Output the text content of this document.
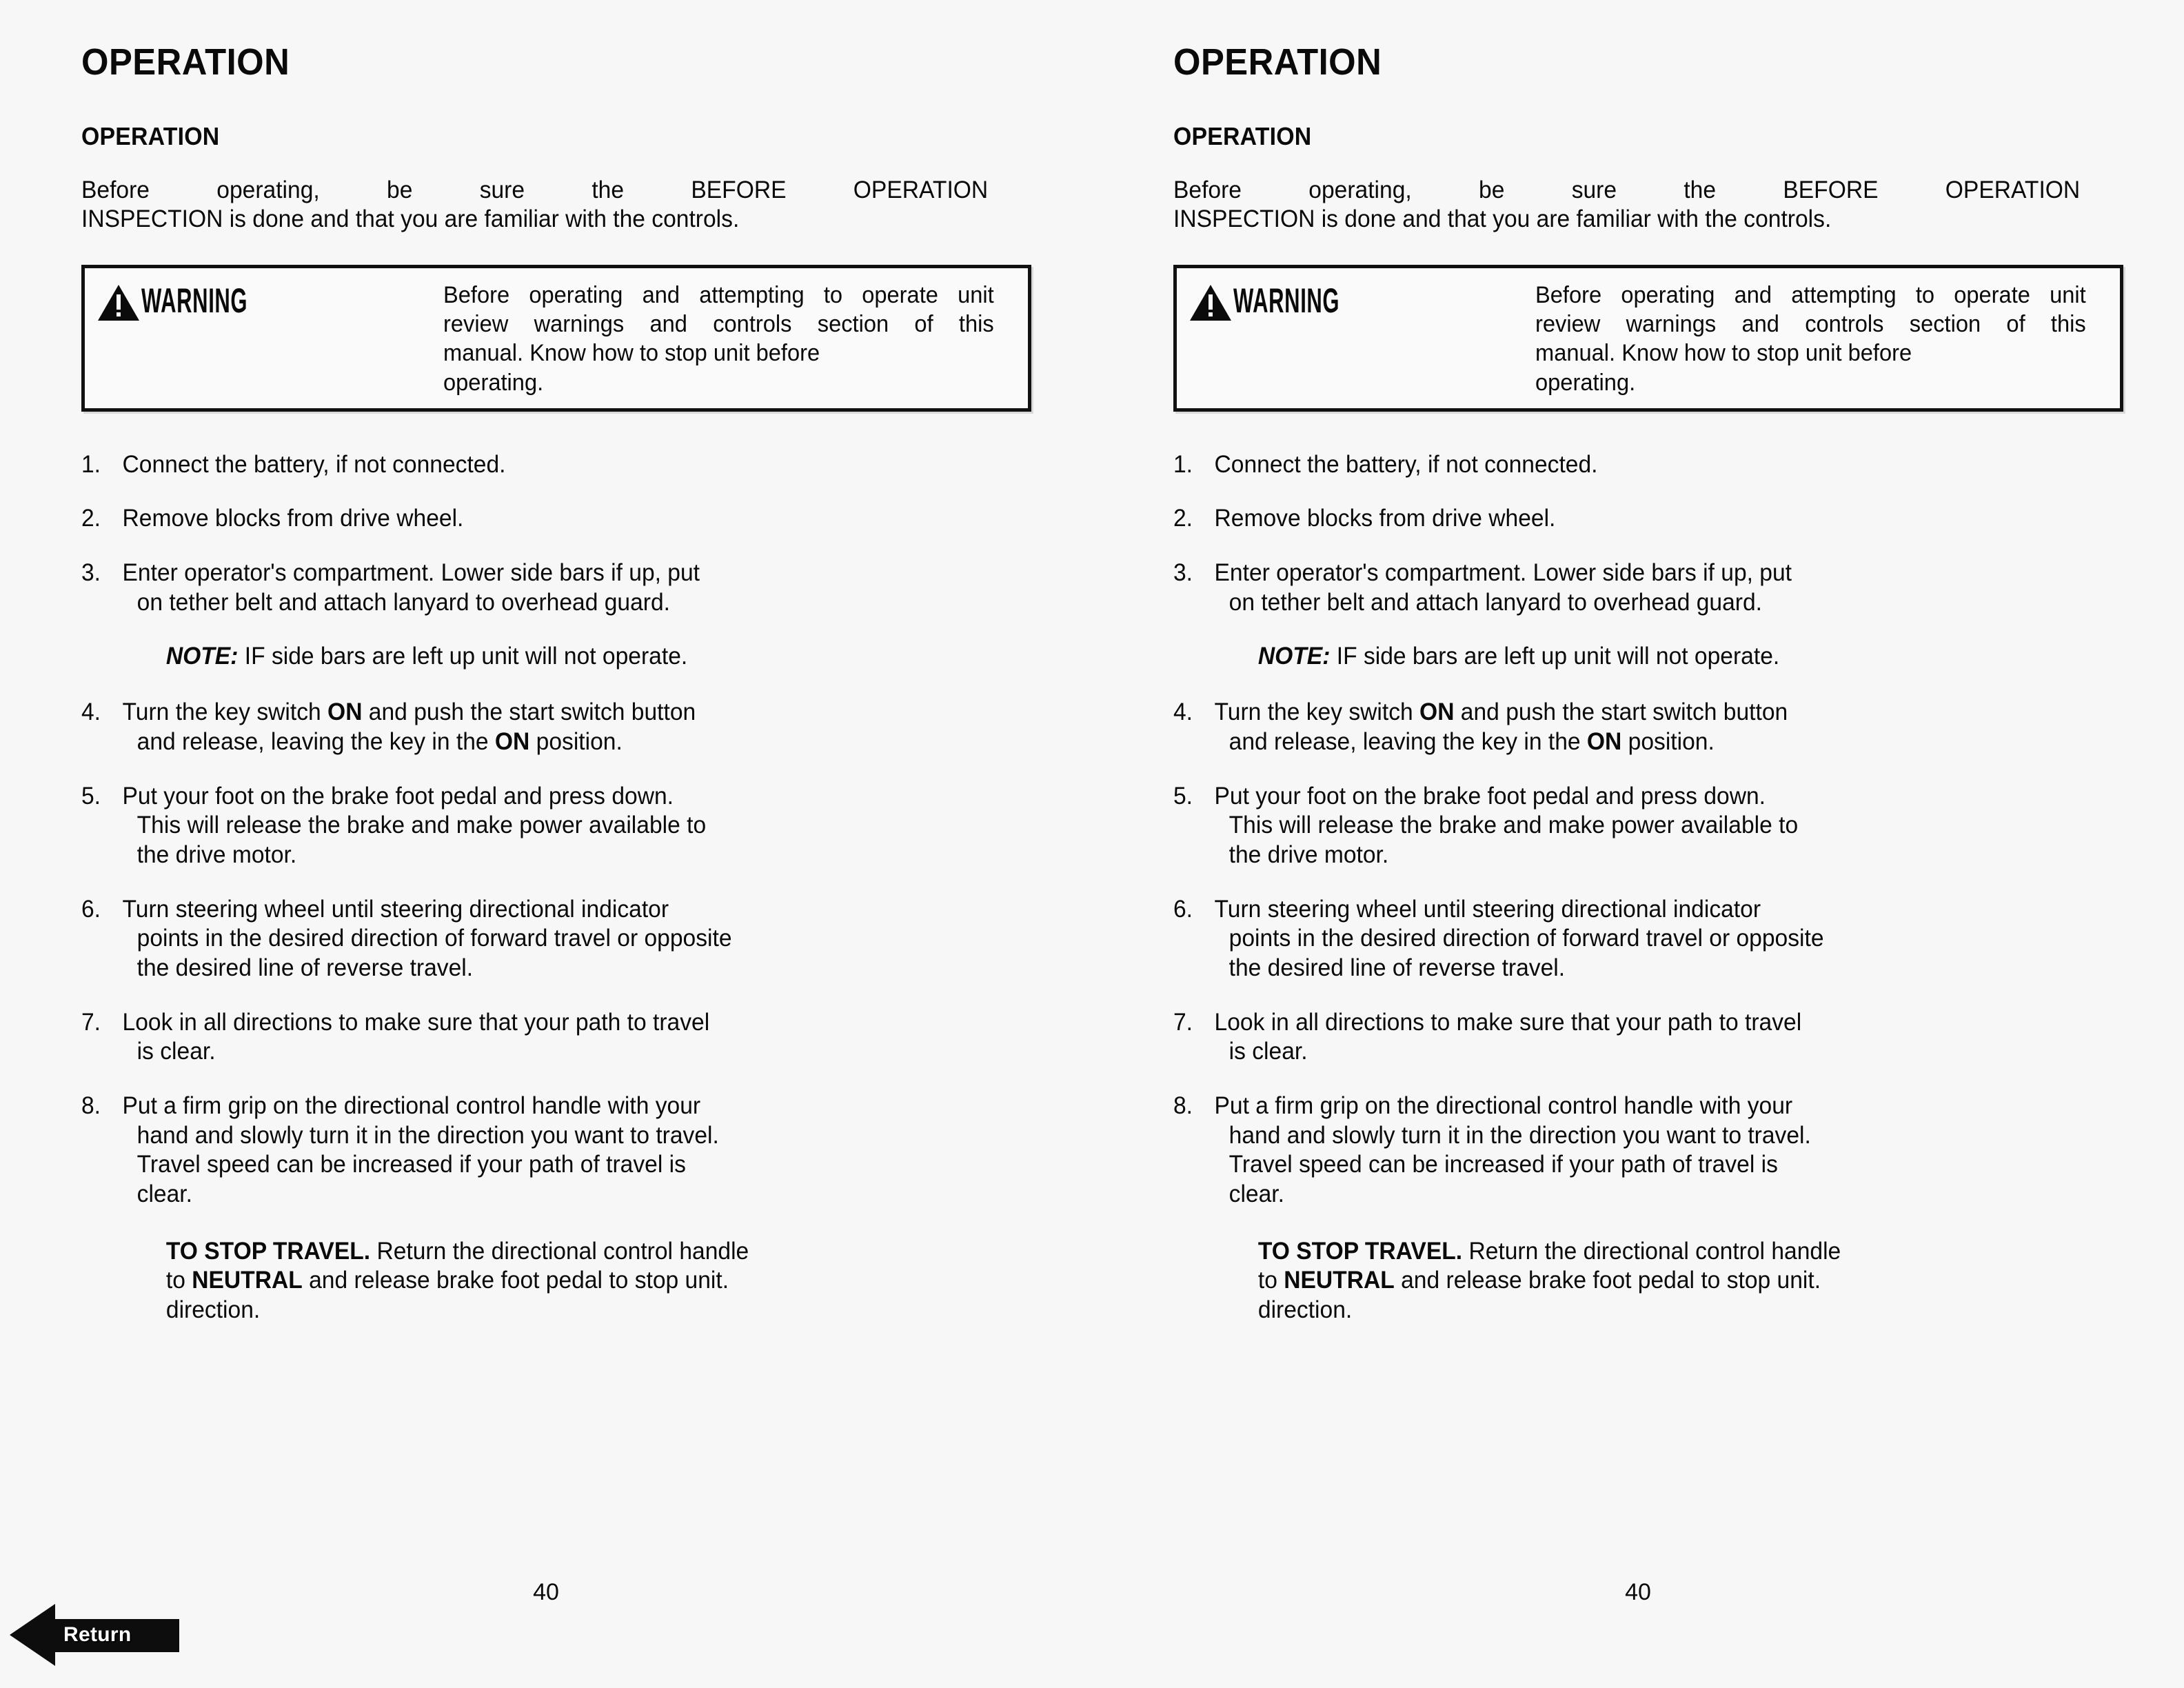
OPERATION
OPERATION

Before operating, be sure the BEFORE OPERATION
INSPECTION is done and that you are familiar with the controls.

WARNING	Before operating and attempting to operate unit
review warnings and controls section of this
manual. Know how to stop unit before
operating.
1. Connect the battery, if not connected.
2. Remove blocks from drive wheel.
3. Enter operator's compartment. Lower side bars if up, put
on tether belt and attach lanyard to overhead guard.
NOTE: IF side bars are left up unit will not operate.
4. Turn the key switch ON and push the start switch button
and release, leaving the key in the ON position.
5. Put your foot on the brake foot pedal and press down.
This will release the brake and make power available to
the drive motor.
6. Turn steering wheel until steering directional indicator
points in the desired direction of forward travel or opposite
the desired line of reverse travel.
7. Look in all directions to make sure that your path to travel
is clear.
8. Put a firm grip on the directional control handle with your
hand and slowly turn it in the direction you want to travel.
Travel speed can be increased if your path of travel is
clear.
TO STOP TRAVEL. Return the directional control handle
to NEUTRAL and release brake foot pedal to stop unit.
direction.
40
Return
OPERATION
OPERATION

Before operating, be sure the BEFORE OPERATION
INSPECTION is done and that you are familiar with the controls.

WARNING	Before operating and attempting to operate unit
review warnings and controls section of this
manual. Know how to stop unit before
operating.
1. Connect the battery, if not connected.
2. Remove blocks from drive wheel.
3. Enter operator's compartment. Lower side bars if up, put
on tether belt and attach lanyard to overhead guard.
NOTE: IF side bars are left up unit will not operate.
4. Turn the key switch ON and push the start switch button
and release, leaving the key in the ON position.
5. Put your foot on the brake foot pedal and press down.
This will release the brake and make power available to
the drive motor.
6. Turn steering wheel until steering directional indicator
points in the desired direction of forward travel or opposite
the desired line of reverse travel.
7. Look in all directions to make sure that your path to travel
is clear.
8. Put a firm grip on the directional control handle with your
hand and slowly turn it in the direction you want to travel.
Travel speed can be increased if your path of travel is
clear.
TO STOP TRAVEL. Return the directional control handle
to NEUTRAL and release brake foot pedal to stop unit.
direction.
40
